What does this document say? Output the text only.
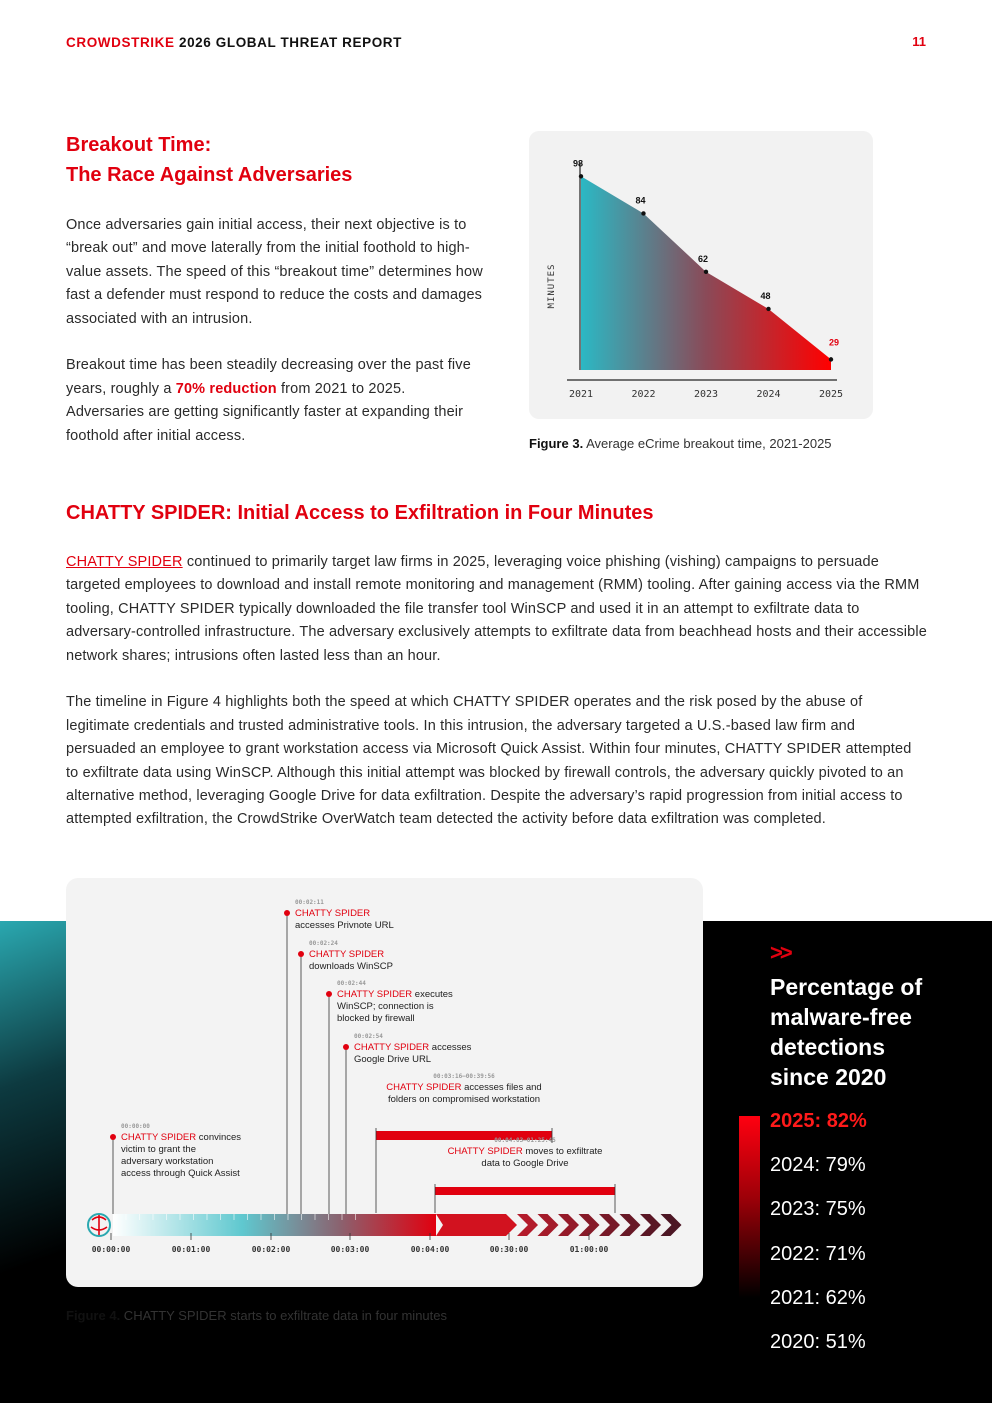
CROWDSTRIKE 2026 GLOBAL THREAT REPORT	11
Breakout Time:
The Race Against Adversaries

Once adversaries gain initial access, their next objective is to “break out” and move laterally from the initial foothold to high-value assets. The speed of this “breakout time” determines how fast a defender must respond to reduce the costs and damages associated with an intrusion.

Breakout time has been steadily decreasing over the past five years, roughly a 70% reduction from 2021 to 2025. Adversaries are getting significantly faster at expanding their foothold after initial access.

MINUTES
98
2021
84
2022
62
2023
48
2024
29
2025
Figure 3. Average eCrime breakout time, 2021-2025
CHATTY SPIDER: Initial Access to Exfiltration in Four Minutes

CHATTY SPIDER continued to primarily target law firms in 2025, leveraging voice phishing (vishing) campaigns to persuade targeted employees to download and install remote monitoring and management (RMM) tooling. After gaining access via the RMM tooling, CHATTY SPIDER typically downloaded the file transfer tool WinSCP and used it in an attempt to exfiltrate data to adversary-controlled infrastructure. The adversary exclusively attempts to exfiltrate data from beachhead hosts and their accessible network shares; intrusions often lasted less than an hour.

The timeline in Figure 4 highlights both the speed at which CHATTY SPIDER operates and the risk posed by the abuse of legitimate credentials and trusted administrative tools. In this intrusion, the adversary targeted a U.S.-based law firm and persuaded an employee to grant workstation access via Microsoft Quick Assist. Within four minutes, CHATTY SPIDER attempted to exfiltrate data using WinSCP. Although this initial attempt was blocked by firewall controls, the adversary quickly pivoted to an alternative method, leveraging Google Drive for data exfiltration. Despite the adversary’s rapid progression from initial access to attempted exfiltration, the CrowdStrike OverWatch team detected the activity before data exfiltration was completed.

00:00:00	00:01:00	00:02:00	00:03:00	00:04:00	00:30:00	01:00:00
00:00:00
CHATTY SPIDER convinces
victim to grant the
adversary workstation
access through Quick Assist
00:02:11
CHATTY SPIDER
accesses Privnote URL
00:02:24
CHATTY SPIDER
downloads WinSCP
00:02:44
CHATTY SPIDER executes
WinSCP; connection is
blocked by firewall
00:02:54
CHATTY SPIDER accesses
Google Drive URL
00:03:16–00:39:56
CHATTY SPIDER accesses files and
folders on compromised workstation
00:04:03–01:25:45
CHATTY SPIDER moves to exfiltrate
data to Google Drive
Figure 4. CHATTY SPIDER starts to exfiltrate data in four minutes
>>
Percentage of
malware-free
detections
since 2020
2025: 82%
2024: 79%
2023: 75%
2022: 71%
2021: 62%
2020: 51%
